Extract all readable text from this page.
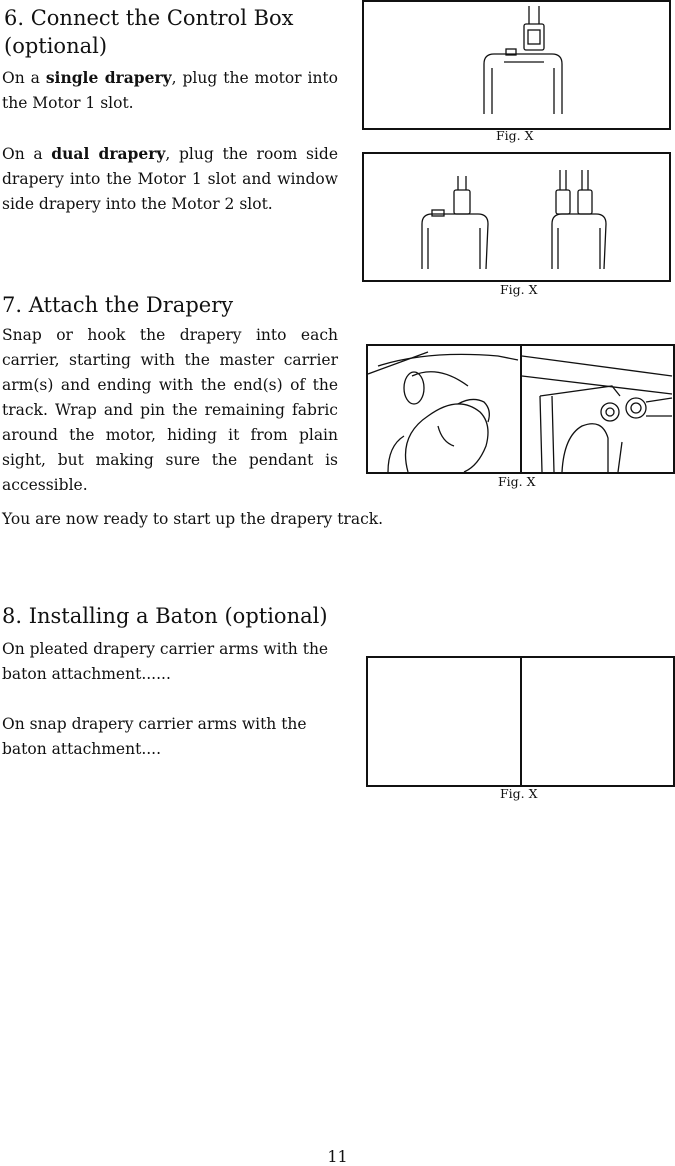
6. Connect the Control Box
(optional)

On a single drapery, plug the motor into the Motor 1 slot.

On a dual drapery, plug the room side drapery into the Motor 1 slot and window side drapery into the Motor 2 slot.

Fig. X
Fig. X
7. Attach the Drapery

Snap or hook the drapery into each carrier, starting with the master carrier arm(s) and ending with the end(s) of the track. Wrap and pin the remaining fabric around the motor, hiding it from plain sight, but making sure the pendant is accessible.	Fig. X

You are now ready to start up the drapery track.

8. Installing a Baton (optional)

On pleated drapery carrier arms with the baton attachment......

On snap drapery carrier arms with the baton attachment....

Fig. X
11
